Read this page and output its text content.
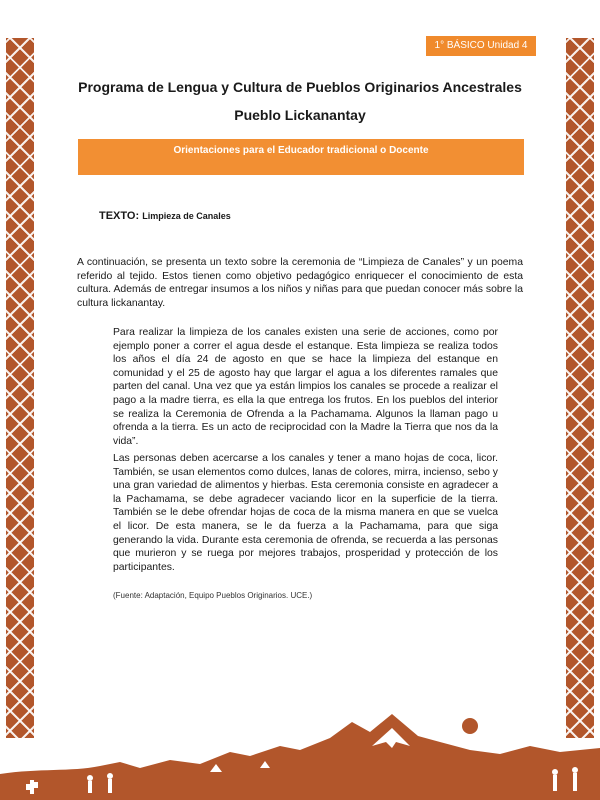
1° BÁSICO Unidad 4
Programa de Lengua y Cultura de Pueblos Originarios Ancestrales
Pueblo Lickanantay
Orientaciones para el Educador tradicional o Docente
TEXTO: Limpieza de Canales

A continuación, se presenta un texto sobre la ceremonia de “Limpieza de Canales” y un poema referido al tejido. Estos tienen como objetivo pedagógico enriquecer el conocimiento de esta cultura. Además de entregar insumos a los niños y niñas para que puedan conocer más sobre la cultura lickanantay.

Para realizar la limpieza de los canales existen una serie de acciones, como por ejemplo poner a correr el agua desde el estanque. Esta limpieza se realiza todos los años el día 24 de agosto en que se hace la limpieza del estanque en comunidad y el 25 de agosto hay que largar el agua a los diferentes ramales que parten del canal. Una vez que ya están limpios los canales se procede a realizar el pago a la madre tierra, es ella la que entrega los frutos. En los pueblos del interior se realiza la Ceremonia de Ofrenda a la Pachamama. Algunos la llaman pago u ofrenda a la tierra. Es un acto de reciprocidad con la Madre la Tierra que nos da la vida”.

Las personas deben acercarse a los canales y tener a mano hojas de coca, licor. También, se usan elementos como dulces, lanas de colores, mirra, incienso, sebo y una gran variedad de alimentos y hierbas. Esta ceremonia consiste en agradecer a la Pachamama, se debe agradecer vaciando licor en la superficie de la tierra. También se le debe ofrendar hojas de coca de la misma manera en que se vuelca el licor. De esta manera, se le da fuerza a la Pachamama, para que siga generando la vida. Durante esta ceremonia de ofrenda, se recuerda a las personas que murieron y se ruega por mejores trabajos, prosperidad y protección de los participantes.

(Fuente: Adaptación, Equipo Pueblos Originarios. UCE.)
